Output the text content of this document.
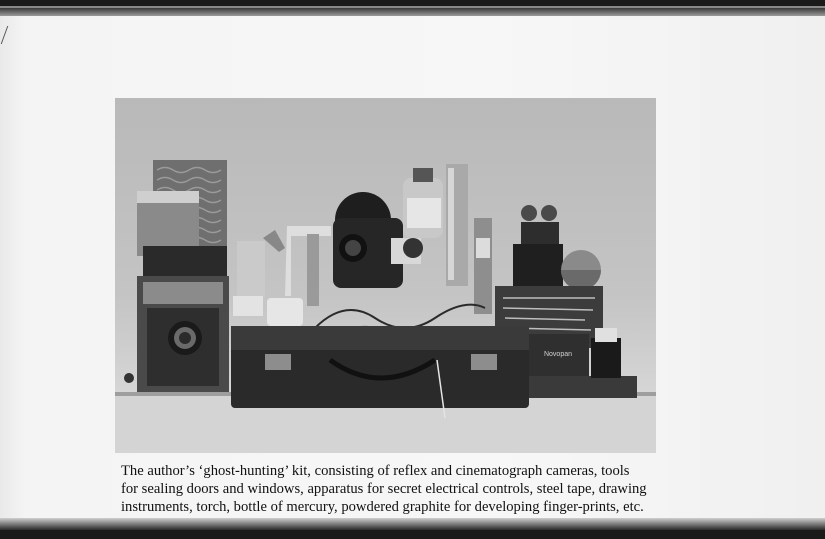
Novopan
The author’s ‘ghost-hunting’ kit, consisting of reflex and cinematograph cameras, tools
for sealing doors and windows, apparatus for secret electrical controls, steel tape, drawing
instruments, torch, bottle of mercury, powdered graphite for developing finger-prints, etc.
